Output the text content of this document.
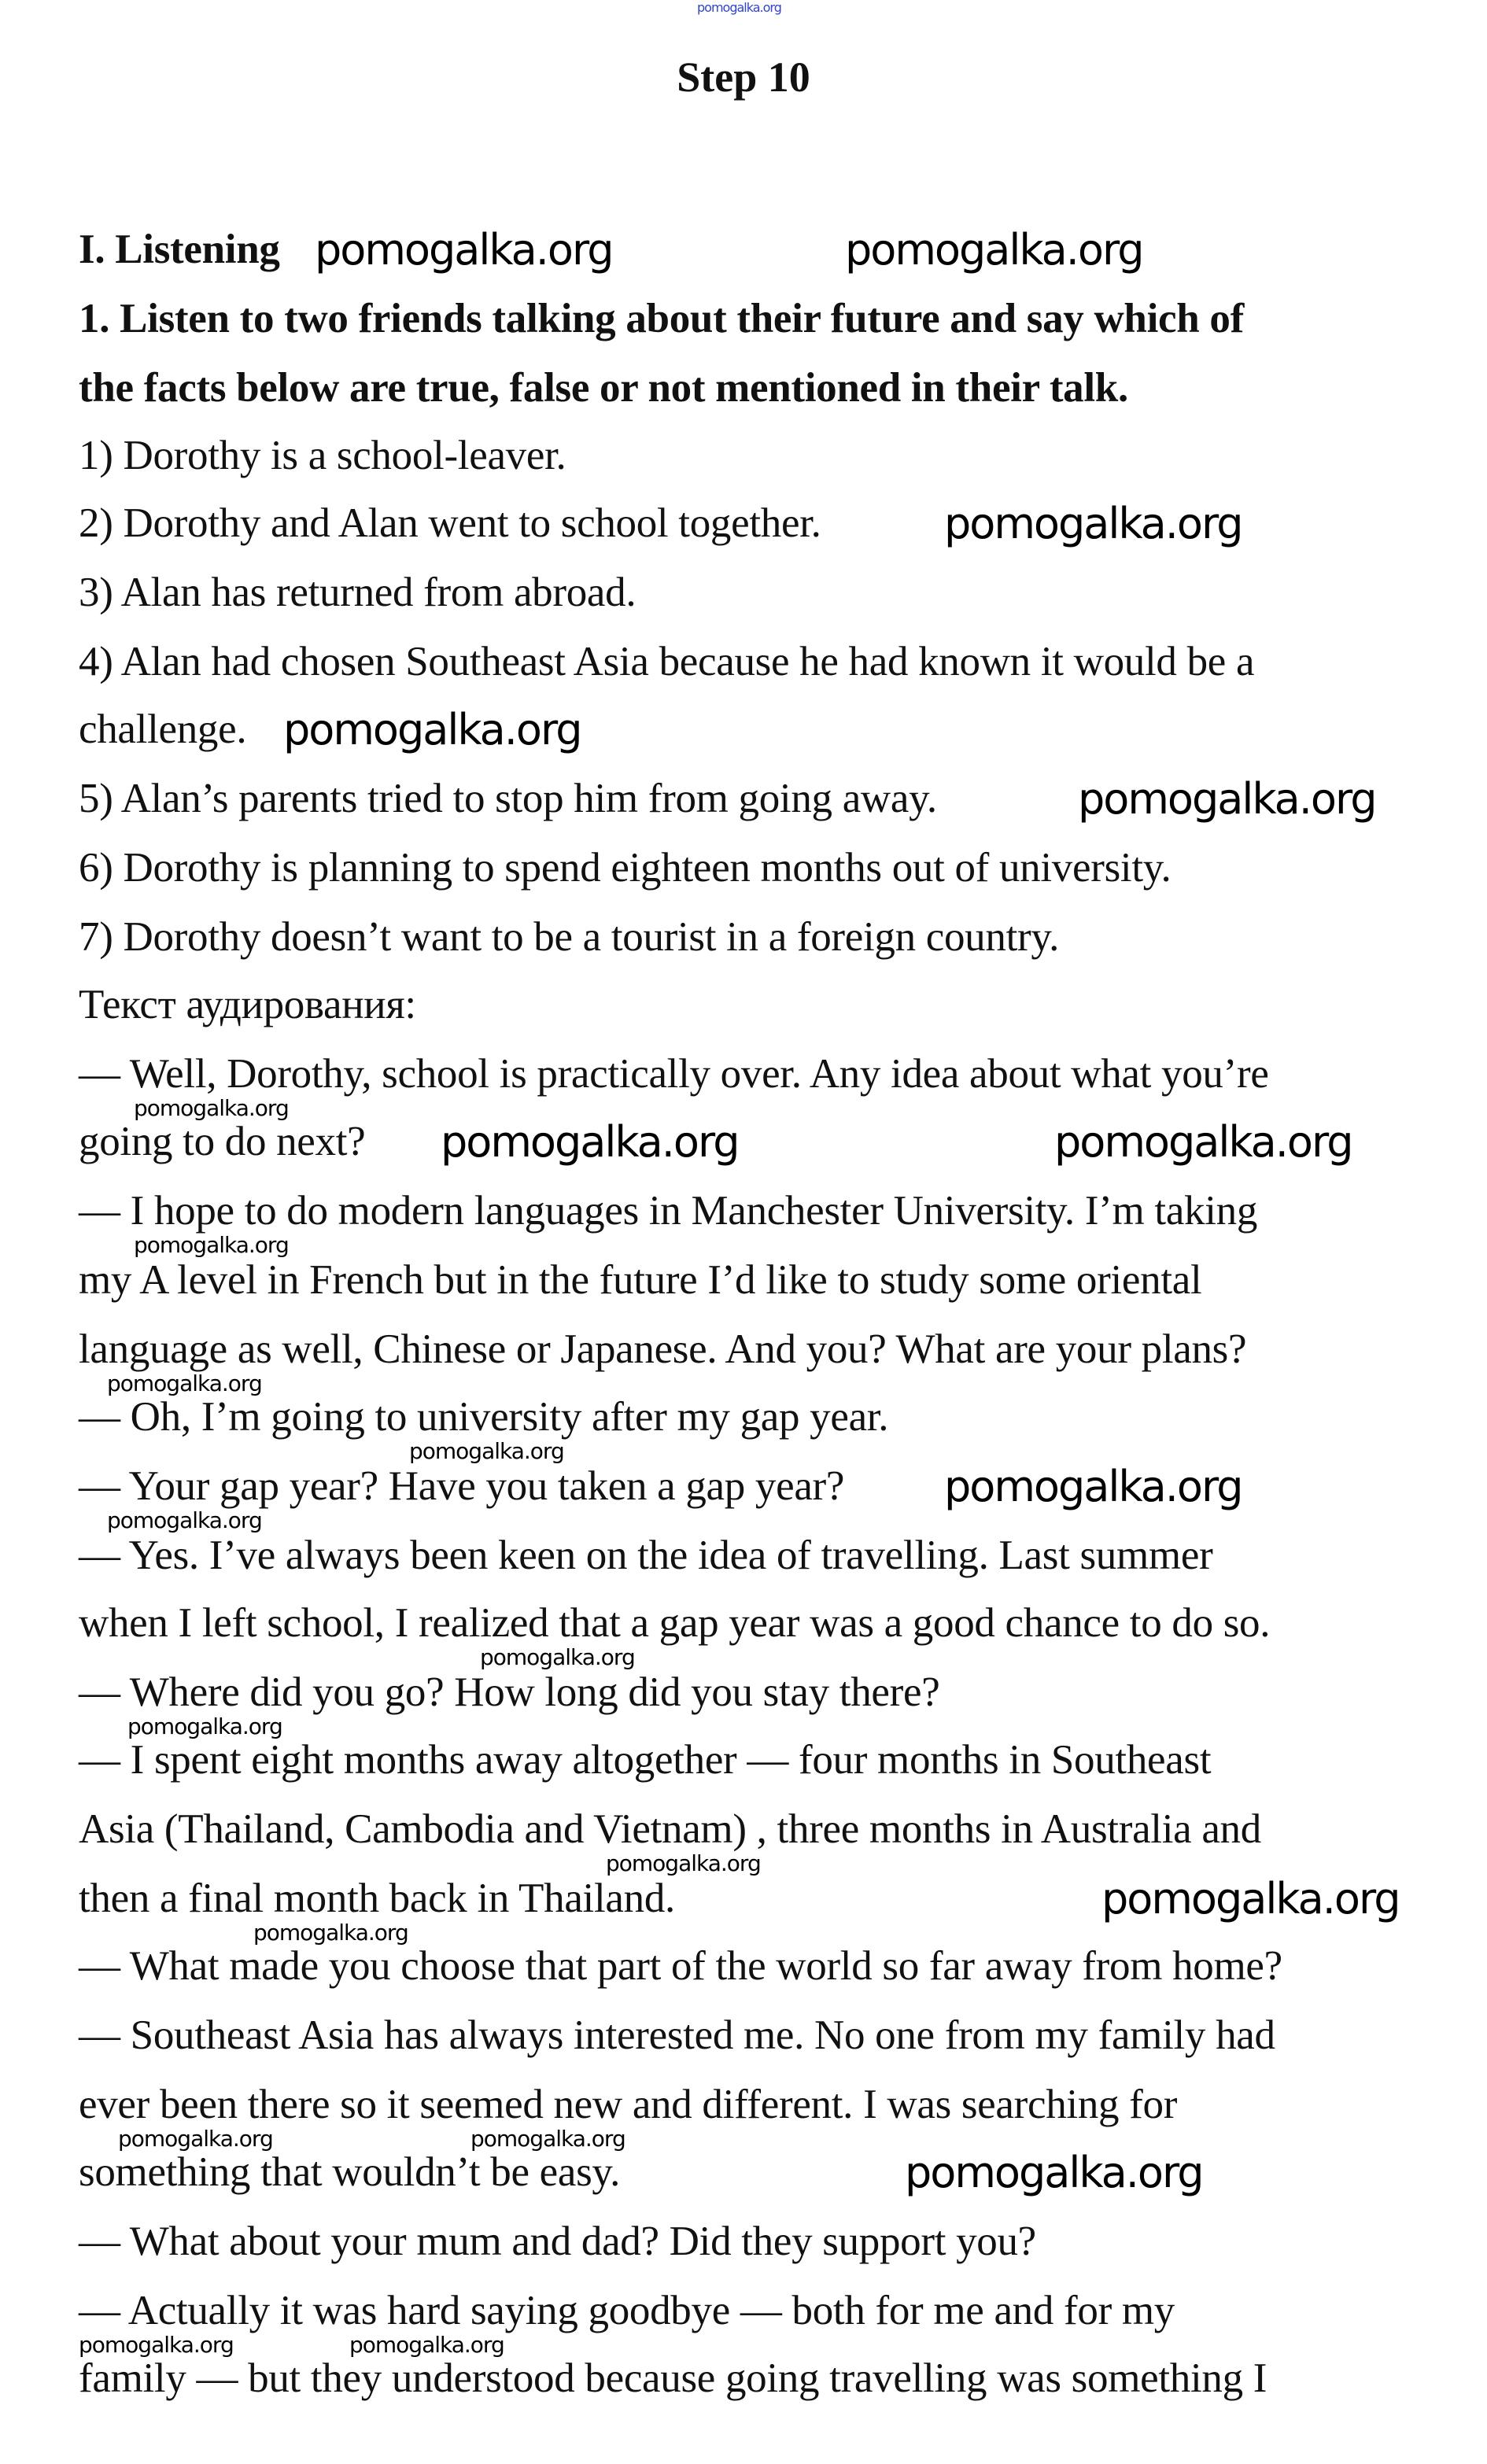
pomogalka.org
Step 10
I. Listening
1. Listen to two friends talking about their future and say which of
the facts below are true, false or not mentioned in their talk.
1) Dorothy is a school-leaver.
2) Dorothy and Alan went to school together.
3) Alan has returned from abroad.
4) Alan had chosen Southeast Asia because he had known it would be a
challenge.
5) Alan’s parents tried to stop him from going away.
6) Dorothy is planning to spend eighteen months out of university.
7) Dorothy doesn’t want to be a tourist in a foreign country.
Текст аудирования:
— Well, Dorothy, school is practically over. Any idea about what you’re
going to do next?
— I hope to do modern languages in Manchester University. I’m taking
my A level in French but in the future I’d like to study some oriental
language as well, Chinese or Japanese. And you? What are your plans?
— Oh, I’m going to university after my gap year.
— Your gap year? Have you taken a gap year?
— Yes. I’ve always been keen on the idea of travelling. Last summer
when I left school, I realized that a gap year was a good chance to do so.
— Where did you go? How long did you stay there?
— I spent eight months away altogether — four months in Southeast
Asia (Thailand, Cambodia and Vietnam) , three months in Australia and
then a final month back in Thailand.
— What made you choose that part of the world so far away from home?
— Southeast Asia has always interested me. No one from my family had
ever been there so it seemed new and different. I was searching for
something that wouldn’t be easy.
— What about your mum and dad? Did they support you?
— Actually it was hard saying goodbye — both for me and for my
family — but they understood because going travelling was something I
pomogalka.org	pomogalka.org
pomogalka.org
pomogalka.org
pomogalka.org
pomogalka.org
pomogalka.org
pomogalka.org
pomogalka.org
pomogalka.org
pomogalka.org
pomogalka.org
pomogalka.org
pomogalka.org
pomogalka.org
pomogalka.org
pomogalka.org
pomogalka.org
pomogalka.org
pomogalka.org	pomogalka.org
pomogalka.org	pomogalka.org
